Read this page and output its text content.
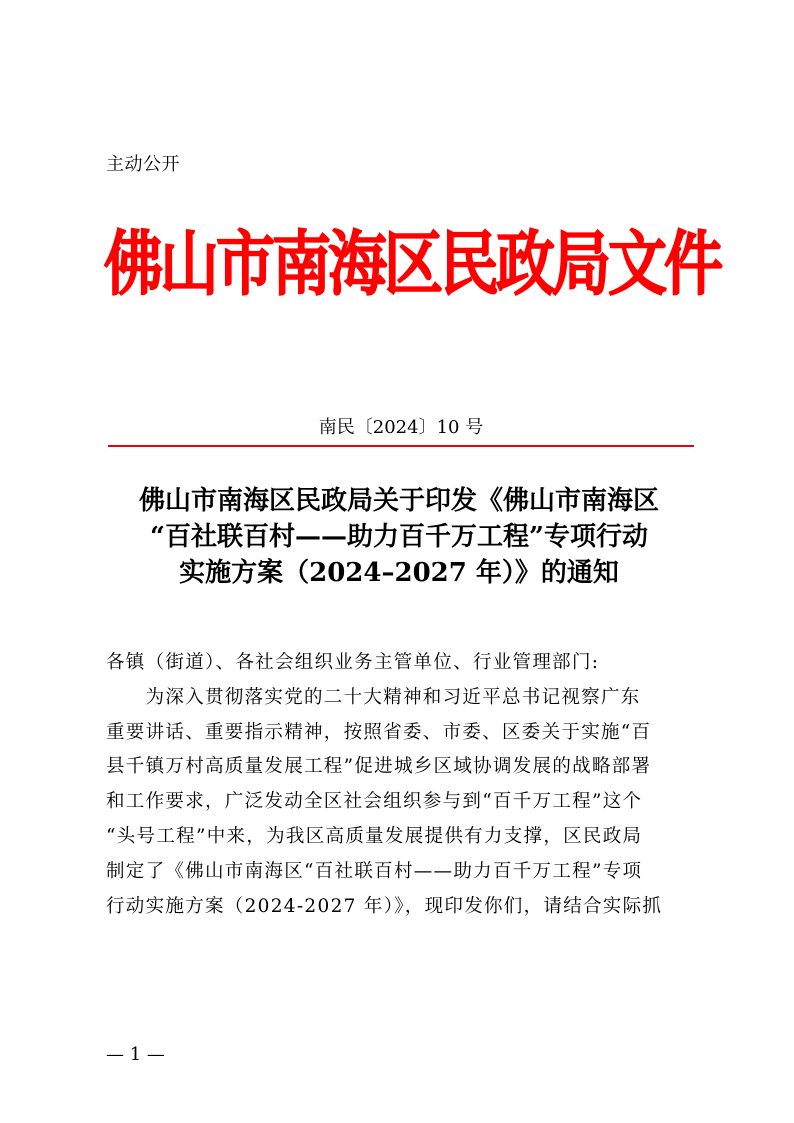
主动公开
佛山市南海区民政局文件
南民〔2024〕10 号
佛山市南海区民政局关于印发《佛山市南海区
“百社联百村——助力百千万工程”专项行动
实施方案（2024–2027 年）》的通知
各镇（街道）、各社会组织业务主管单位、行业管理部门:
　　为深入贯彻落实党的二十大精神和习近平总书记视察广东
重要讲话、重要指示精神，按照省委、市委、区委关于实施“百
县千镇万村高质量发展工程”促进城乡区域协调发展的战略部署
和工作要求，广泛发动全区社会组织参与到“百千万工程”这个
“头号工程”中来，为我区高质量发展提供有力支撑，区民政局
制定了《佛山市南海区“百社联百村——助力百千万工程”专项
行动实施方案（2024-2027 年）》，现印发你们，请结合实际抓
— 1 —
